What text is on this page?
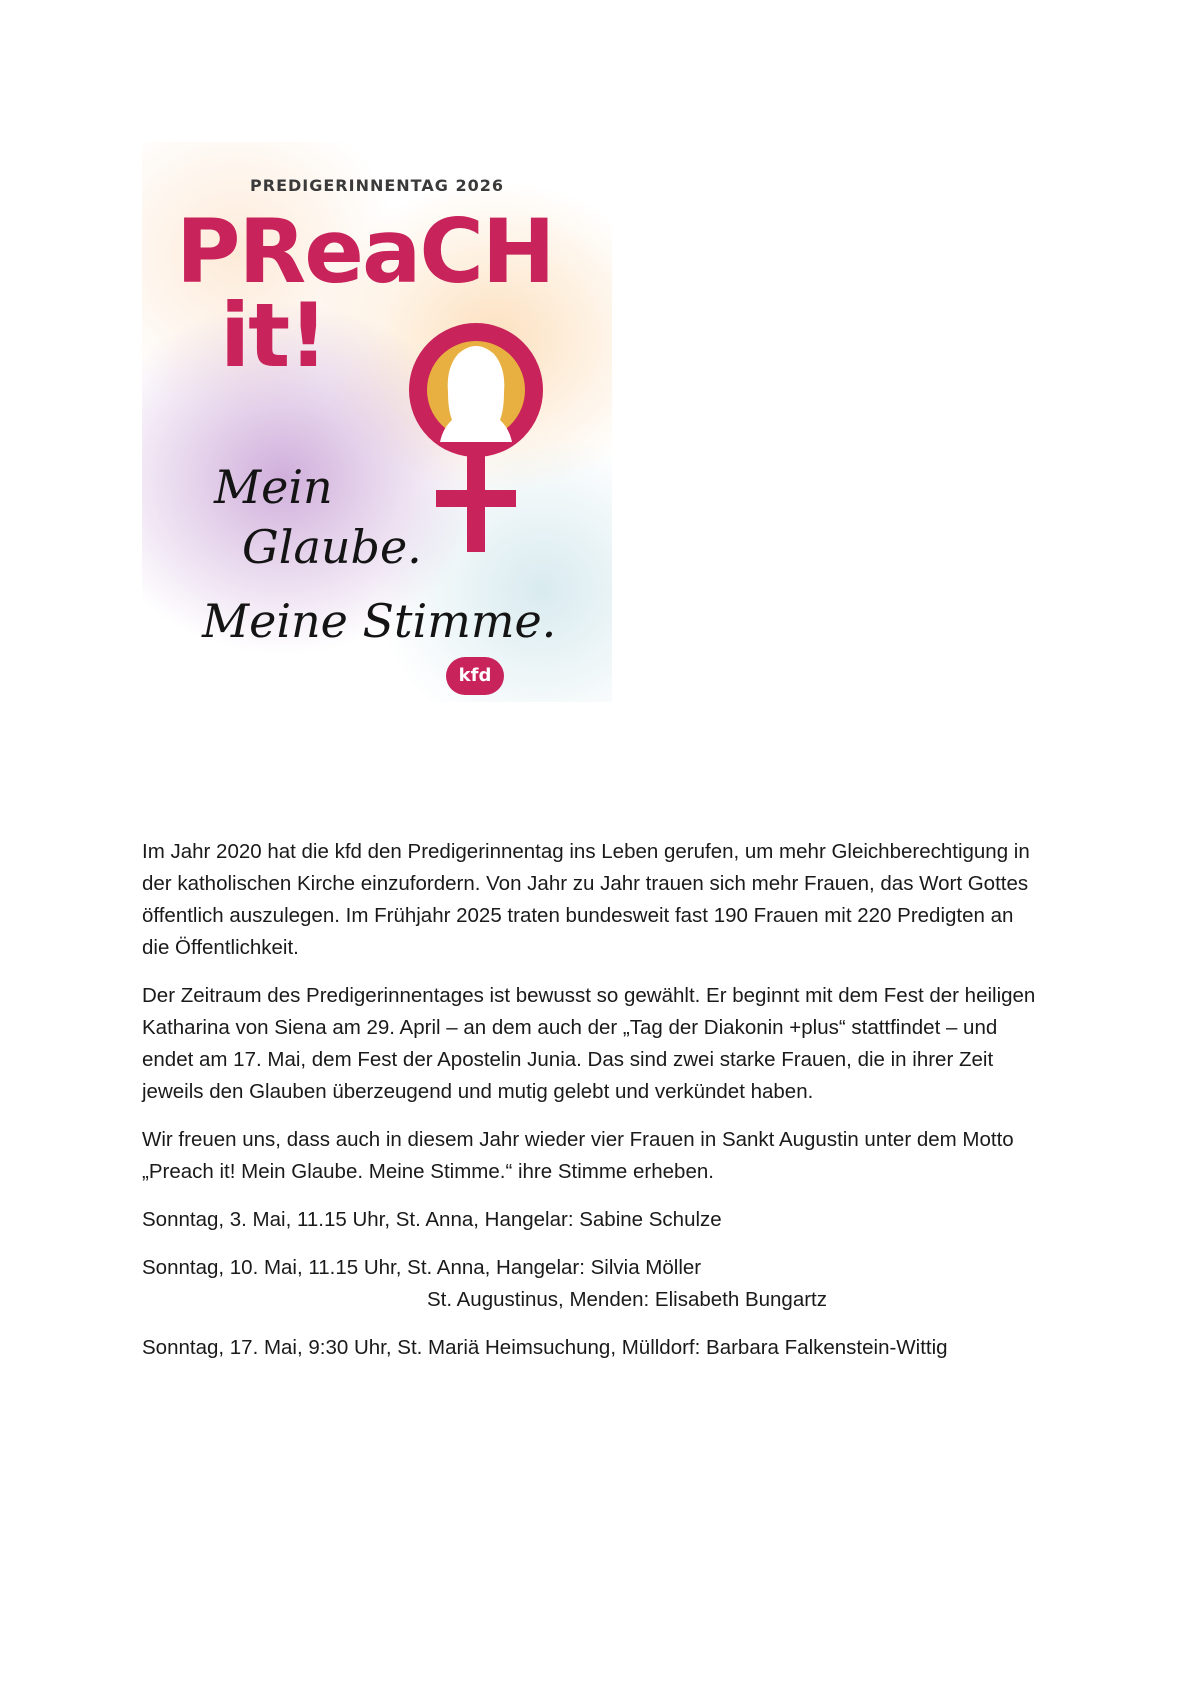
PREDIGERINNENTAG 2026
PReaCH
it!
Mein
Glaube.
Meine Stimme.
kfd

Im Jahr 2020 hat die kfd den Predigerinnentag ins Leben gerufen, um mehr Gleichberechtigung in der katholischen Kirche einzufordern. Von Jahr zu Jahr trauen sich mehr Frauen, das Wort Gottes öffentlich auszulegen. Im Frühjahr 2025 traten bundesweit fast 190 Frauen mit 220 Predigten an die Öffentlichkeit.

Der Zeitraum des Predigerinnentages ist bewusst so gewählt. Er beginnt mit dem Fest der heiligen Katharina von Siena am 29. April – an dem auch der „Tag der Diakonin +plus“ stattfindet – und endet am 17. Mai, dem Fest der Apostelin Junia. Das sind zwei starke Frauen, die in ihrer Zeit jeweils den Glauben überzeugend und mutig gelebt und verkündet haben.

Wir freuen uns, dass auch in diesem Jahr wieder vier Frauen in Sankt Augustin unter dem Motto „Preach it! Mein Glaube. Meine Stimme.“ ihre Stimme erheben.

Sonntag, 3. Mai, 11.15 Uhr, St. Anna, Hangelar: Sabine Schulze

Sonntag, 10. Mai, 11.15 Uhr, St. Anna, Hangelar: Silvia Möller
St. Augustinus, Menden: Elisabeth Bungartz

Sonntag, 17. Mai, 9:30 Uhr, St. Mariä Heimsuchung, Mülldorf: Barbara Falkenstein-Wittig
